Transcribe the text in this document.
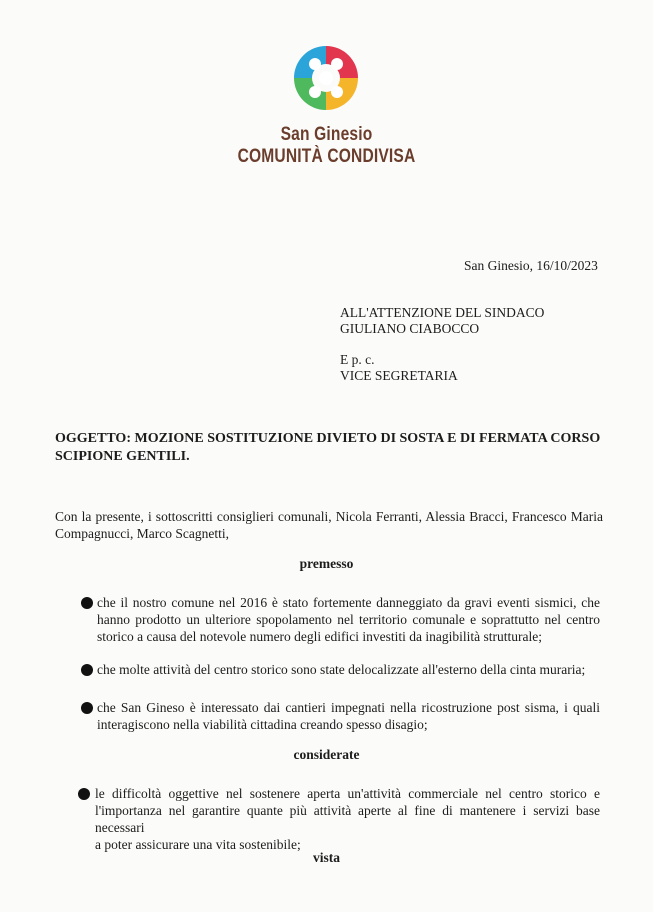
San Ginesio
COMUNITÀ CONDIVISA
San Ginesio, 16/10/2023
ALL'ATTENZIONE DEL SINDACO
GIULIANO CIABOCCO
E p. c.
VICE SEGRETARIA
OGGETTO: MOZIONE SOSTITUZIONE DIVIETO DI SOSTA E DI FERMATA CORSO
SCIPIONE GENTILI.
Con la presente, i sottoscritti consiglieri comunali, Nicola Ferranti, Alessia Bracci, Francesco Maria
Compagnucci, Marco Scagnetti,
premesso
che il nostro comune nel 2016 è stato fortemente danneggiato da gravi eventi sismici, che
hanno prodotto un ulteriore spopolamento nel territorio comunale e soprattutto nel centro
storico a causa del notevole numero degli edifici investiti da inagibilità strutturale;
che molte attività del centro storico sono state delocalizzate all'esterno della cinta muraria;
che San Gineso è interessato dai cantieri impegnati nella ricostruzione post sisma, i quali
interagiscono nella viabilità cittadina creando spesso disagio;
considerate
le difficoltà oggettive nel sostenere aperta un'attività commerciale nel centro storico e
l'importanza nel garantire quante più attività aperte al fine di mantenere i servizi base necessari
a poter assicurare una vita sostenibile;
vista
